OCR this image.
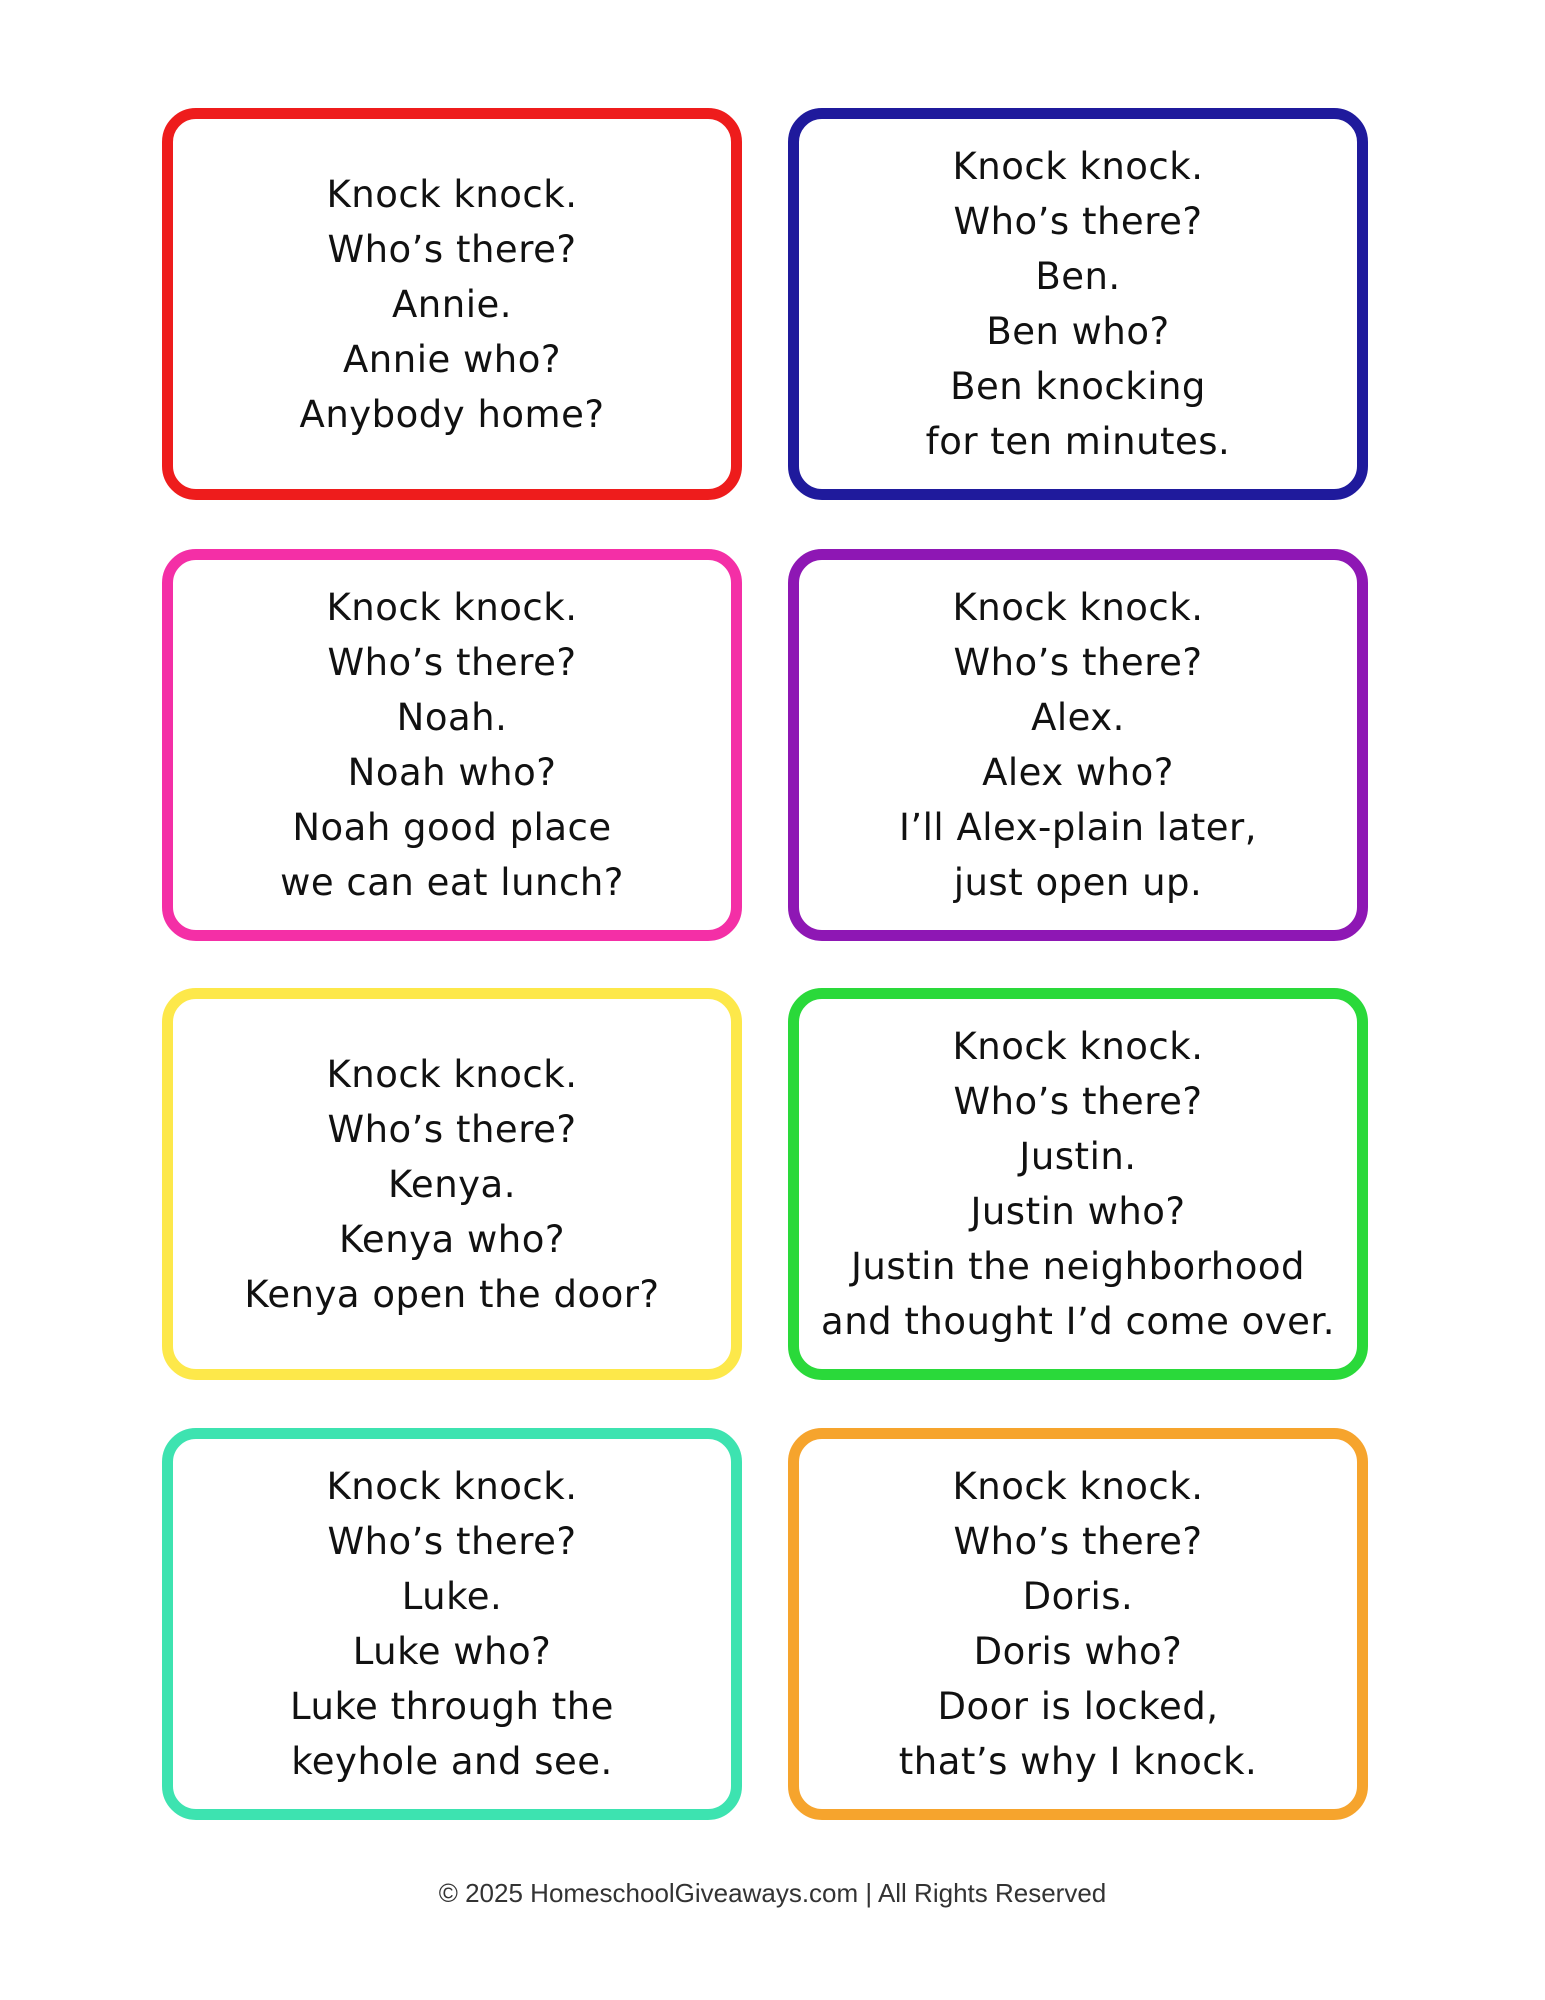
Knock knock.
Who’s there?
Annie.
Annie who?
Anybody home?
Knock knock.
Who’s there?
Ben.
Ben who?
Ben knocking
for ten minutes.
Knock knock.
Who’s there?
Noah.
Noah who?
Noah good place
we can eat lunch?
Knock knock.
Who’s there?
Alex.
Alex who?
I’ll Alex-plain later,
just open up.
Knock knock.
Who’s there?
Kenya.
Kenya who?
Kenya open the door?
Knock knock.
Who’s there?
Justin.
Justin who?
Justin the neighborhood
and thought I’d come over.
Knock knock.
Who’s there?
Luke.
Luke who?
Luke through the
keyhole and see.
Knock knock.
Who’s there?
Doris.
Doris who?
Door is locked,
that’s why I knock.
© 2025 HomeschoolGiveaways.com | All Rights Reserved
